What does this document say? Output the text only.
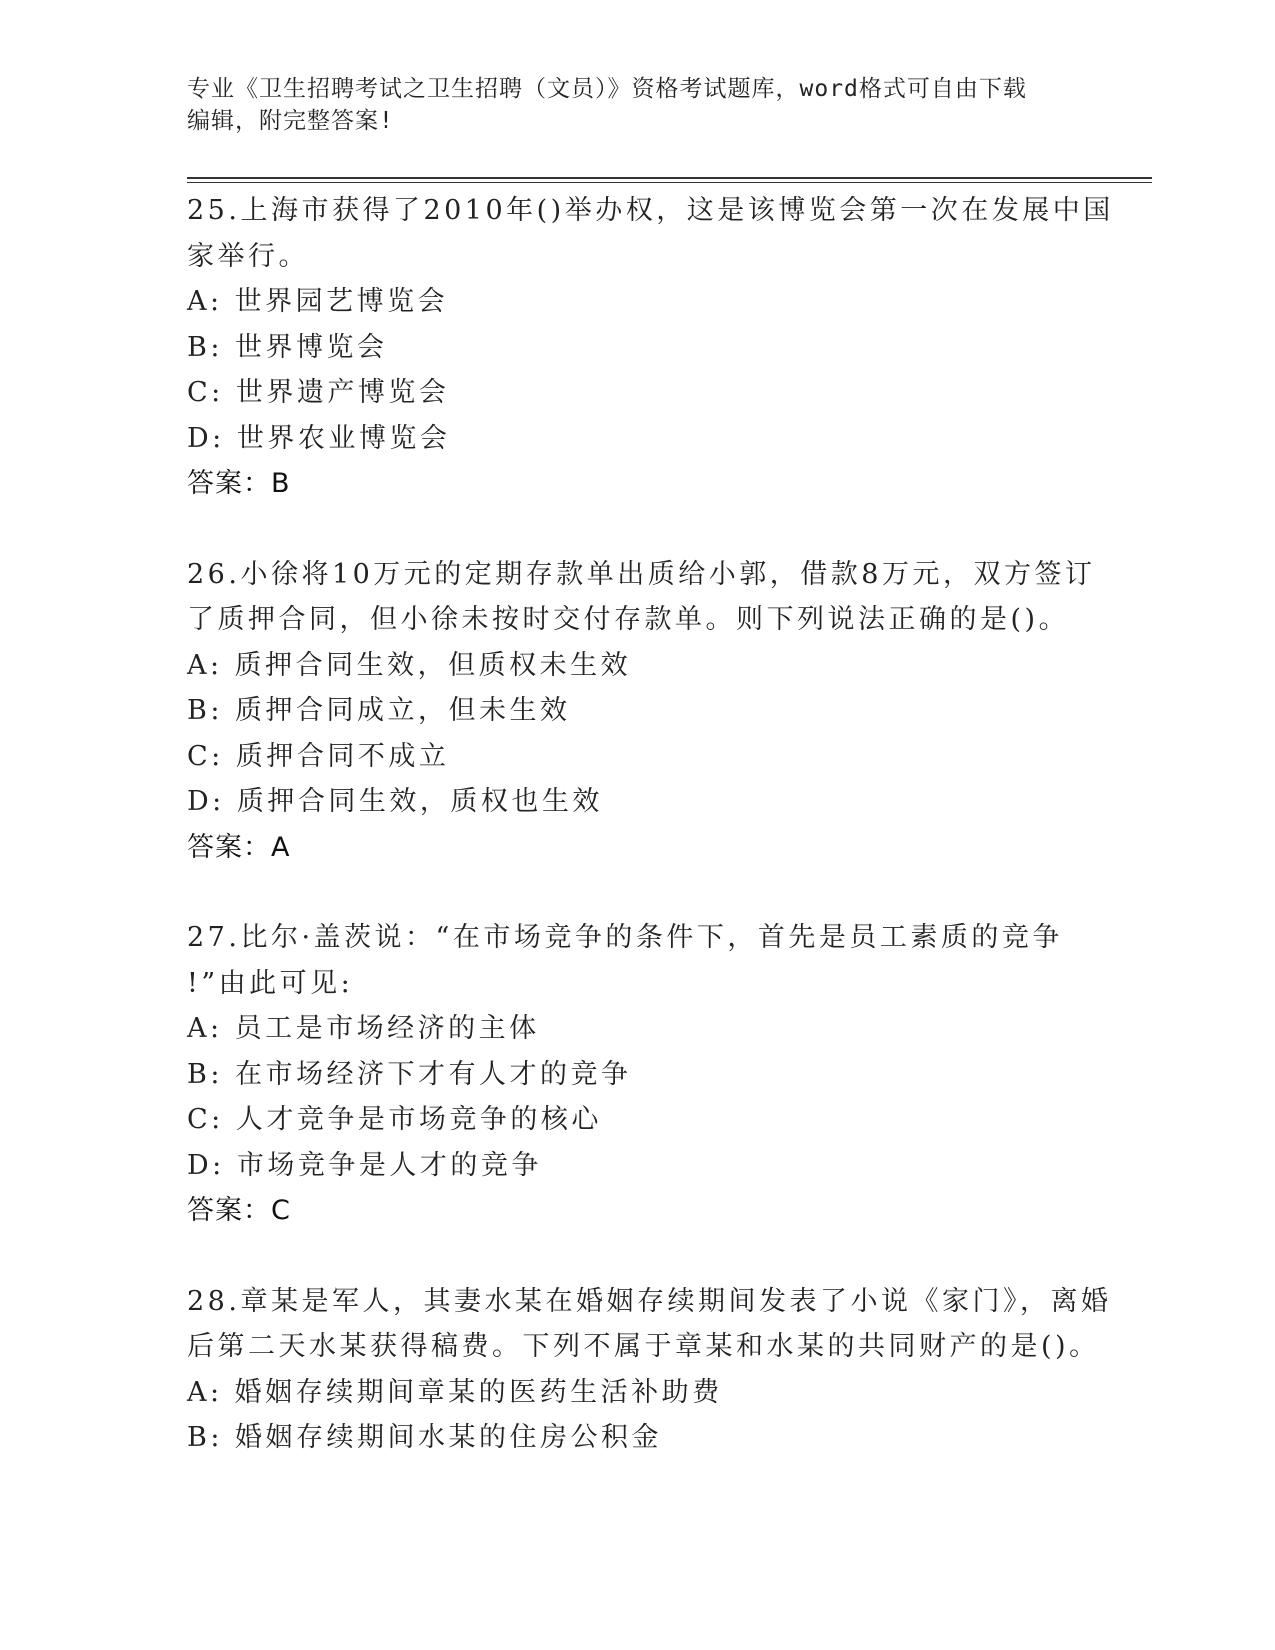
专业《卫生招聘考试之卫生招聘（文员）》资格考试题库，word格式可自由下载
编辑，附完整答案!
25.上海市获得了2010年()举办权，这是该博览会第一次在发展中国
家举行。
A: 世界园艺博览会
B: 世界博览会
C: 世界遗产博览会
D: 世界农业博览会
答案：B
26.小徐将10万元的定期存款单出质给小郭，借款8万元，双方签订
了质押合同，但小徐未按时交付存款单。则下列说法正确的是()。
A: 质押合同生效，但质权未生效
B: 质押合同成立，但未生效
C: 质押合同不成立
D: 质押合同生效，质权也生效
答案：A
27.比尔·盖茨说：“在市场竞争的条件下，首先是员工素质的竞争
!”由此可见:
A: 员工是市场经济的主体
B: 在市场经济下才有人才的竞争
C: 人才竞争是市场竞争的核心
D: 市场竞争是人才的竞争
答案：C
28.章某是军人，其妻水某在婚姻存续期间发表了小说《家门》，离婚
后第二天水某获得稿费。下列不属于章某和水某的共同财产的是()。
A: 婚姻存续期间章某的医药生活补助费
B: 婚姻存续期间水某的住房公积金
